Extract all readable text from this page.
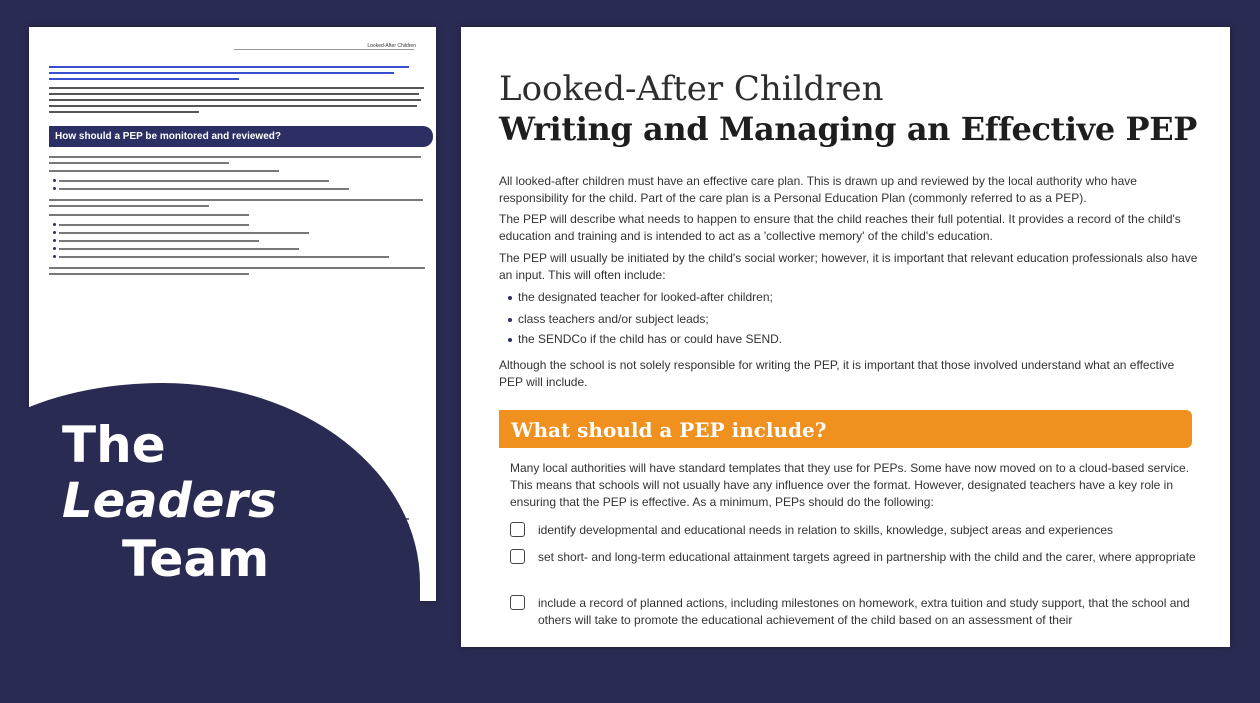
Looked-After Children
How should a PEP be monitored and reviewed?
The
Leaders
Team
Looked-After Children
Writing and Managing an Effective PEP
All looked-after children must have an effective care plan. This is drawn up and reviewed by the local authority who have responsibility for the child. Part of the care plan is a Personal Education Plan (commonly referred to as a PEP).
The PEP will describe what needs to happen to ensure that the child reaches their full potential. It provides a record of the child's education and training and is intended to act as a 'collective memory' of the child's education.
The PEP will usually be initiated by the child's social worker; however, it is important that relevant education professionals also have an input. This will often include:
the designated teacher for looked-after children;
class teachers and/or subject leads;
the SENDCo if the child has or could have SEND.
Although the school is not solely responsible for writing the PEP, it is important that those involved understand what an effective PEP will include.
What should a PEP include?
Many local authorities will have standard templates that they use for PEPs. Some have now moved on to a cloud-based service. This means that schools will not usually have any influence over the format. However, designated teachers have a key role in ensuring that the PEP is effective. As a minimum, PEPs should do the following:
identify developmental and educational needs in relation to skills, knowledge, subject areas and experiences
set short- and long-term educational attainment targets agreed in partnership with the child and the carer, where appropriate
include a record of planned actions, including milestones on homework, extra tuition and study support, that the school and others will take to promote the educational achievement of the child based on an assessment of their
